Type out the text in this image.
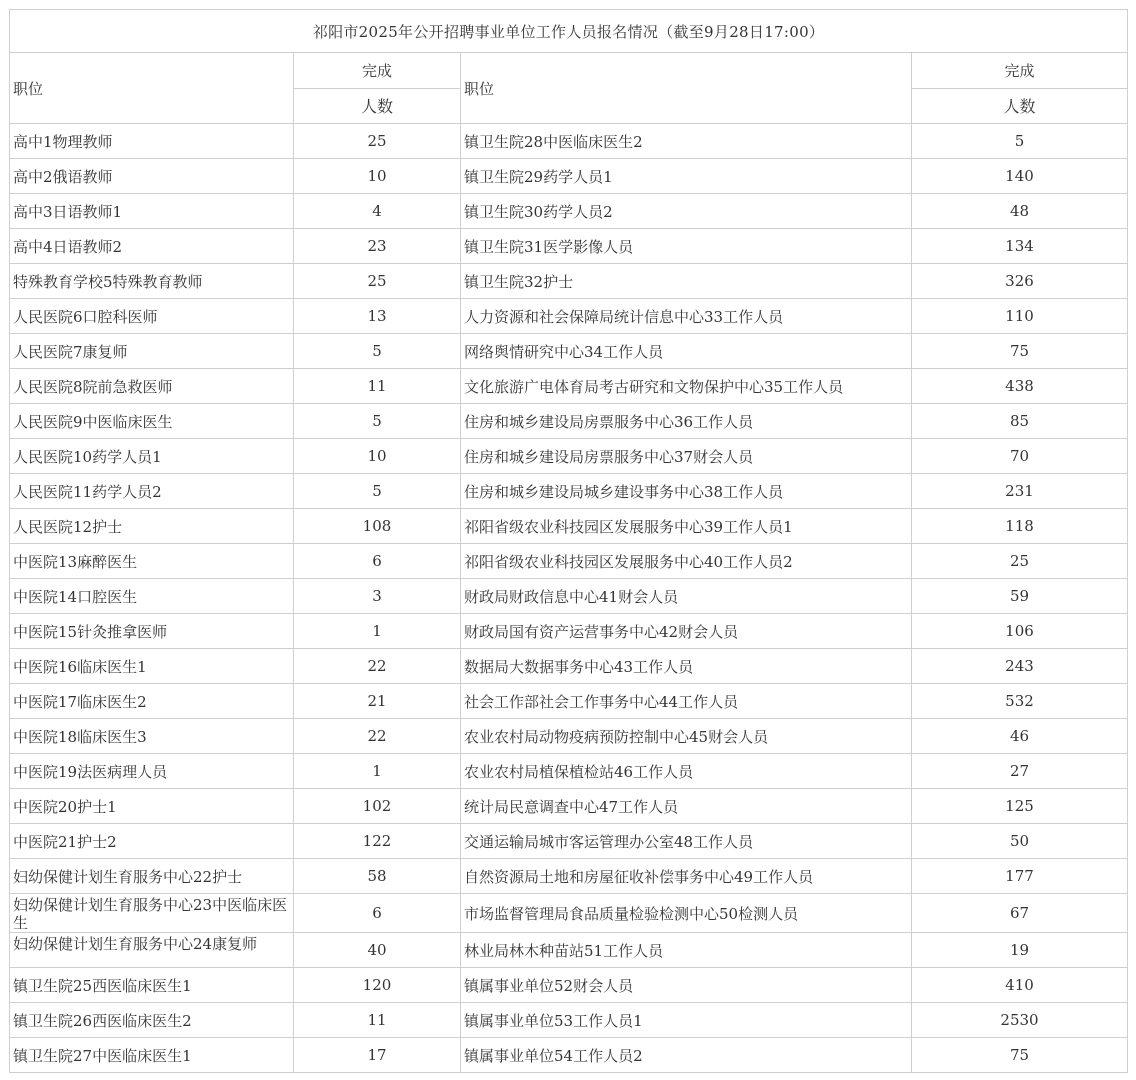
祁阳市2025年公开招聘事业单位工作人员报名情况（截至9月28日17:00）			
职位	完成	职位	完成
	人数		人数
高中1物理教师	25	镇卫生院28中医临床医生2	5
高中2俄语教师	10	镇卫生院29药学人员1	140
高中3日语教师1	4	镇卫生院30药学人员2	48
高中4日语教师2	23	镇卫生院31医学影像人员	134
特殊教育学校5特殊教育教师	25	镇卫生院32护士	326
人民医院6口腔科医师	13	人力资源和社会保障局统计信息中心33工作人员	110
人民医院7康复师	5	网络舆情研究中心34工作人员	75
人民医院8院前急救医师	11	文化旅游广电体育局考古研究和文物保护中心35工作人员	438
人民医院9中医临床医生	5	住房和城乡建设局房票服务中心36工作人员	85
人民医院10药学人员1	10	住房和城乡建设局房票服务中心37财会人员	70
人民医院11药学人员2	5	住房和城乡建设局城乡建设事务中心38工作人员	231
人民医院12护士	108	祁阳省级农业科技园区发展服务中心39工作人员1	118
中医院13麻醉医生	6	祁阳省级农业科技园区发展服务中心40工作人员2	25
中医院14口腔医生	3	财政局财政信息中心41财会人员	59
中医院15针灸推拿医师	1	财政局国有资产运营事务中心42财会人员	106
中医院16临床医生1	22	数据局大数据事务中心43工作人员	243
中医院17临床医生2	21	社会工作部社会工作事务中心44工作人员	532
中医院18临床医生3	22	农业农村局动物疫病预防控制中心45财会人员	46
中医院19法医病理人员	1	农业农村局植保植检站46工作人员	27
中医院20护士1	102	统计局民意调查中心47工作人员	125
中医院21护士2	122	交通运输局城市客运管理办公室48工作人员	50
妇幼保健计划生育服务中心22护士	58	自然资源局土地和房屋征收补偿事务中心49工作人员	177
妇幼保健计划生育服务中心23中医临床医生	6	市场监督管理局食品质量检验检测中心50检测人员	67
妇幼保健计划生育服务中心24康复师	40	林业局林木种苗站51工作人员	19
镇卫生院25西医临床医生1	120	镇属事业单位52财会人员	410
镇卫生院26西医临床医生2	11	镇属事业单位53工作人员1	2530
镇卫生院27中医临床医生1	17	镇属事业单位54工作人员2	75
